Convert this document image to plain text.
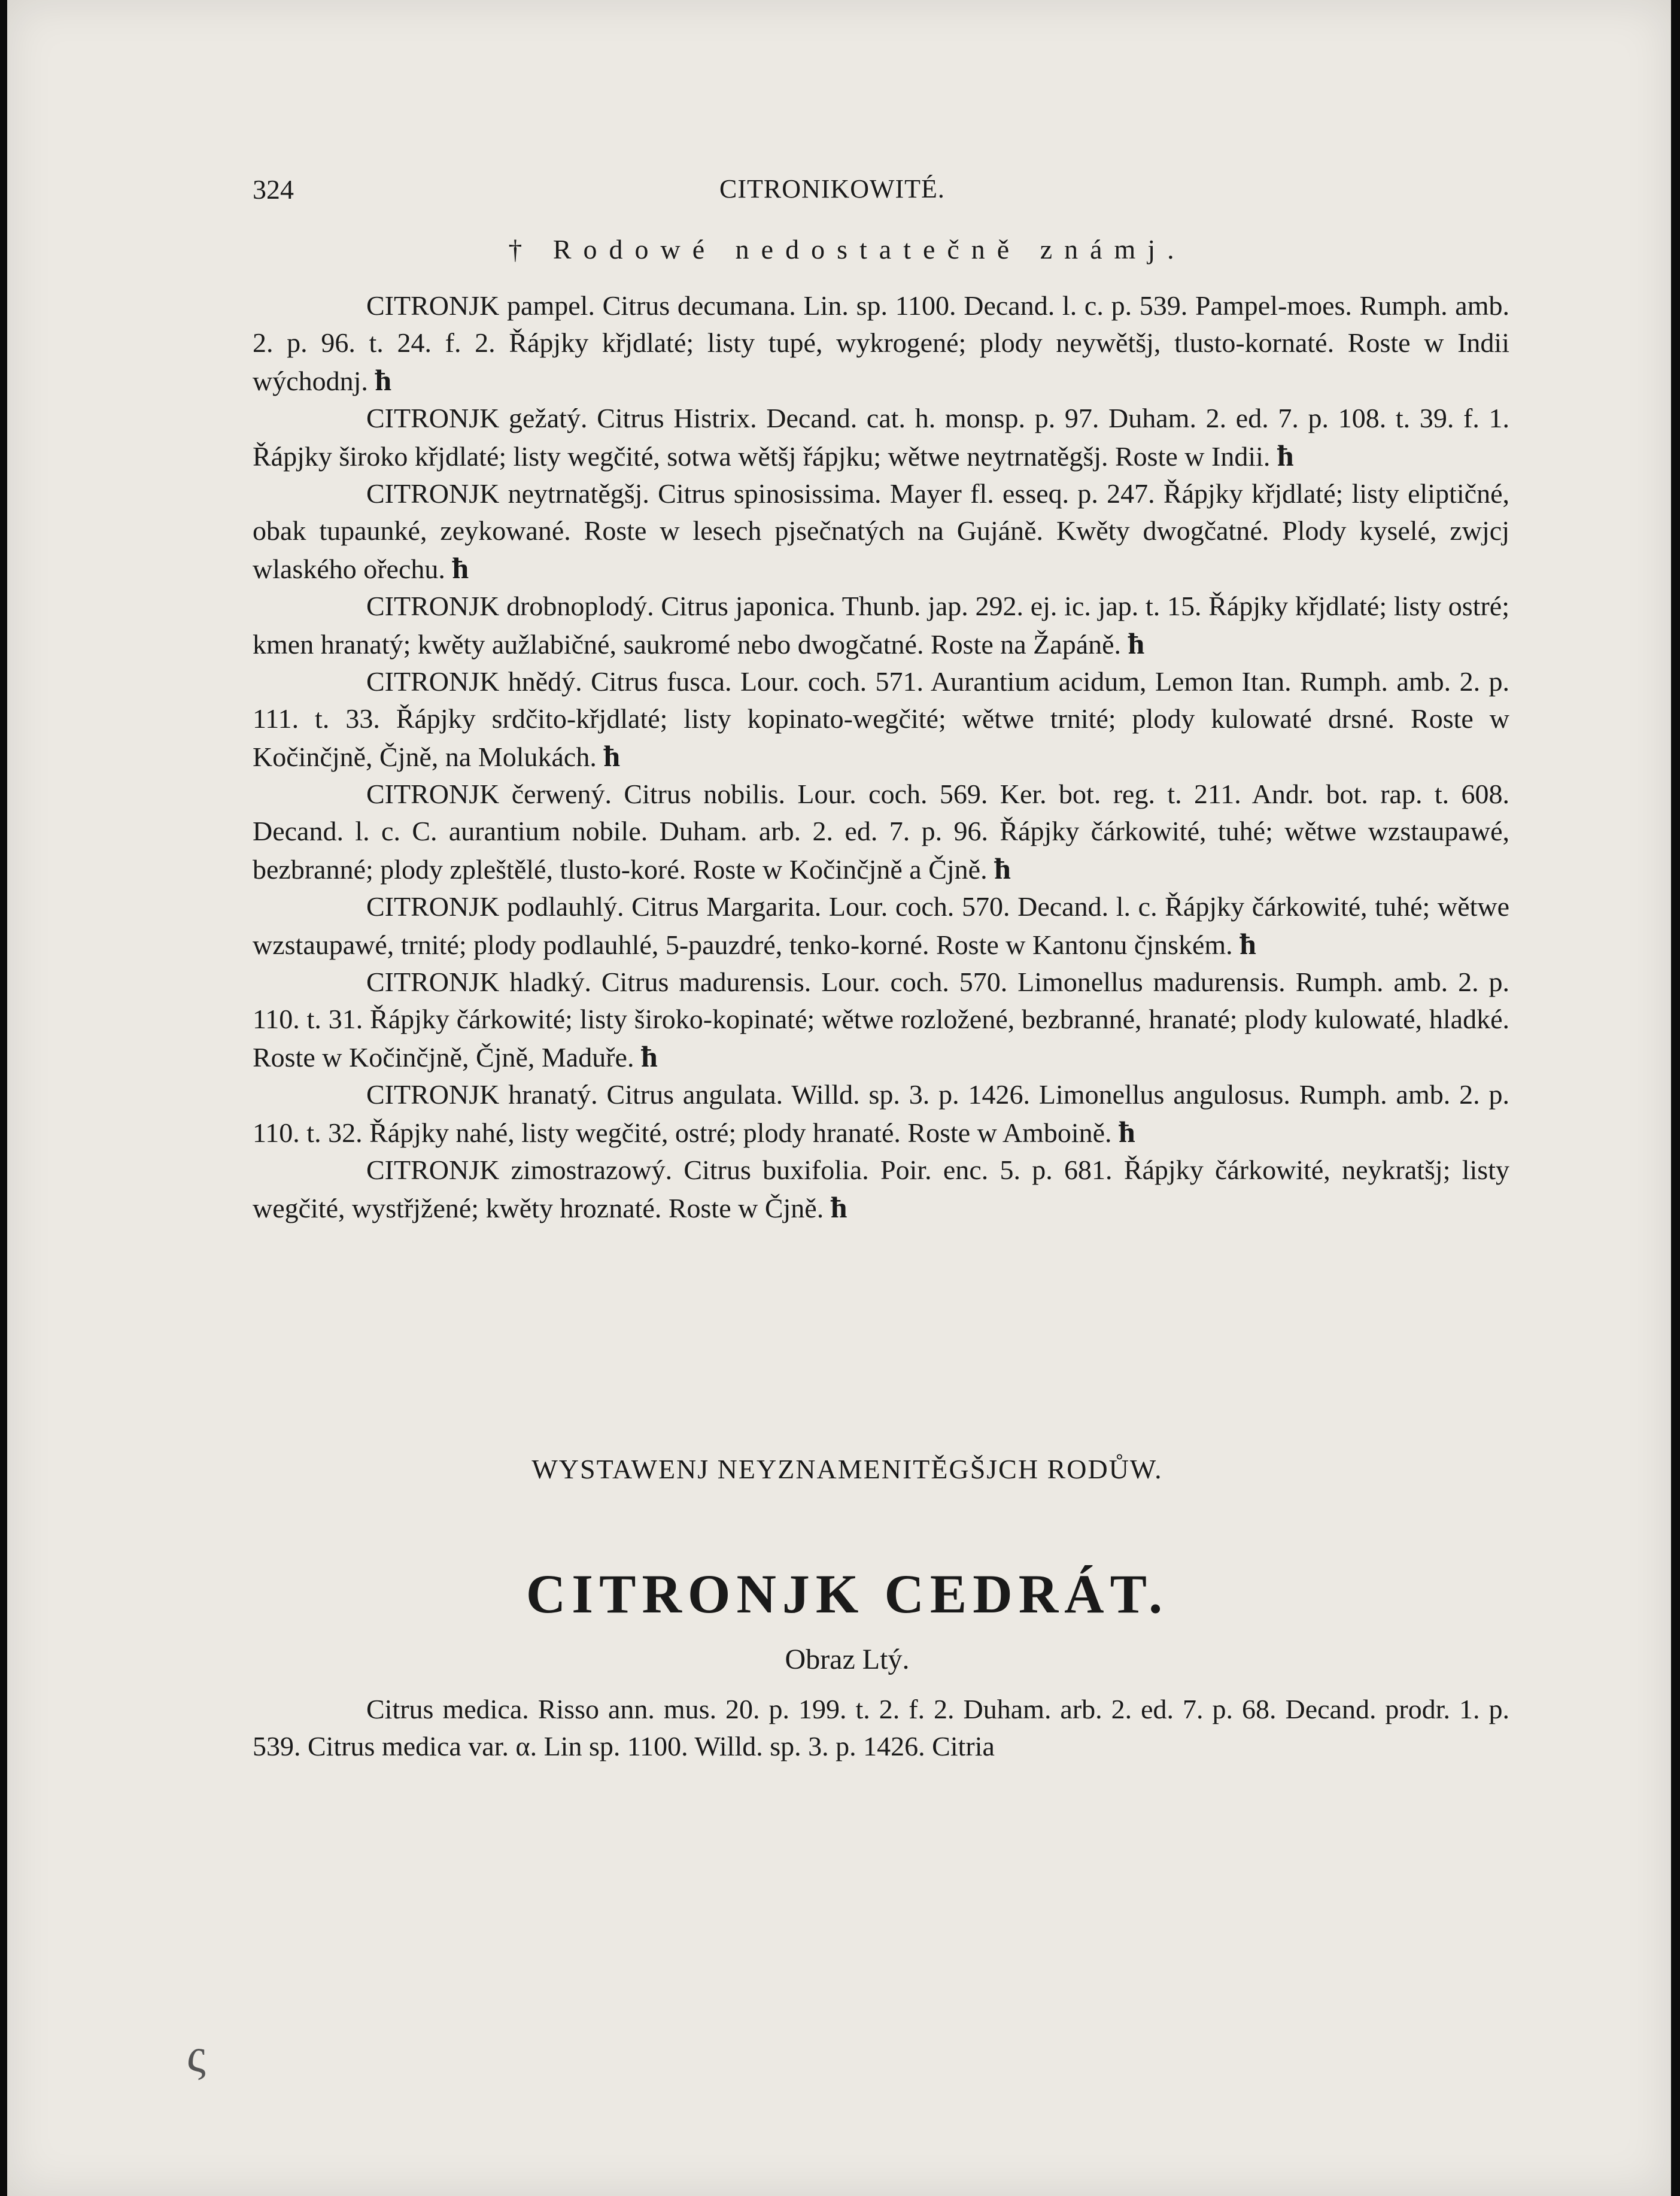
324	CITRONIKOWITÉ.
† Rodowé nedostatečně známj.

CITRONJK pampel. Citrus decumana. Lin. sp. 1100. Decand. l. c. p. 539. Pampel-moes. Rumph. amb. 2. p. 96. t. 24. f. 2. Řápjky křjdlaté; listy tupé, wykrogené; plody neywětšj, tlusto-kornaté. Roste w Indii wýchodnj. ħ

CITRONJK gežatý. Citrus Histrix. Decand. cat. h. monsp. p. 97. Duham. 2. ed. 7. p. 108. t. 39. f. 1. Řápjky široko křjdlaté; listy wegčité, sotwa wětšj řápjku; wětwe neytrnatěgšj. Roste w Indii. ħ

CITRONJK neytrnatěgšj. Citrus spinosissima. Mayer fl. esseq. p. 247. Řápjky křjdlaté; listy eliptičné, obak tupaunké, zeykowané. Roste w lesech pjsečnatých na Gujáně. Kwěty dwogčatné. Plody kyselé, zwjcj wlaského ořechu. ħ

CITRONJK drobnoplodý. Citrus japonica. Thunb. jap. 292. ej. ic. jap. t. 15. Řápjky křjdlaté; listy ostré; kmen hranatý; kwěty aužlabičné, saukromé nebo dwogčatné. Roste na Žapáně. ħ

CITRONJK hnědý. Citrus fusca. Lour. coch. 571. Aurantium acidum, Lemon Itan. Rumph. amb. 2. p. 111. t. 33. Řápjky srdčito-křjdlaté; listy kopinato-wegčité; wětwe trnité; plody kulowaté drsné. Roste w Kočinčjně, Čjně, na Molukách. ħ

CITRONJK čerwený. Citrus nobilis. Lour. coch. 569. Ker. bot. reg. t. 211. Andr. bot. rap. t. 608. Decand. l. c. C. aurantium nobile. Duham. arb. 2. ed. 7. p. 96. Řápjky čárkowité, tuhé; wětwe wzstaupawé, bezbranné; plody zpleštělé, tlusto-koré. Roste w Kočinčjně a Čjně. ħ

CITRONJK podlauhlý. Citrus Margarita. Lour. coch. 570. Decand. l. c. Řápjky čárkowité, tuhé; wětwe wzstaupawé, trnité; plody podlauhlé, 5-pauzdré, tenko-korné. Roste w Kantonu čjnském. ħ

CITRONJK hladký. Citrus madurensis. Lour. coch. 570. Limonellus madurensis. Rumph. amb. 2. p. 110. t. 31. Řápjky čárkowité; listy široko-kopinaté; wětwe rozložené, bezbranné, hranaté; plody kulowaté, hladké. Roste w Kočinčjně, Čjně, Maduře. ħ

CITRONJK hranatý. Citrus angulata. Willd. sp. 3. p. 1426. Limonellus angulosus. Rumph. amb. 2. p. 110. t. 32. Řápjky nahé, listy wegčité, ostré; plody hranaté. Roste w Amboině. ħ

CITRONJK zimostrazowý. Citrus buxifolia. Poir. enc. 5. p. 681. Řápjky čárkowité, neykratšj; listy wegčité, wystřjžené; kwěty hroznaté. Roste w Čjně. ħ

WYSTAWENJ NEYZNAMENITĚGŠJCH RODŮW.
CITRONJK CEDRÁT.
Obraz Ltý.

Citrus medica. Risso ann. mus. 20. p. 199. t. 2. f. 2. Duham. arb. 2. ed. 7. p. 68. Decand. prodr. 1. p. 539. Citrus medica var. α. Lin sp. 1100. Willd. sp. 3. p. 1426. Citria

ς
